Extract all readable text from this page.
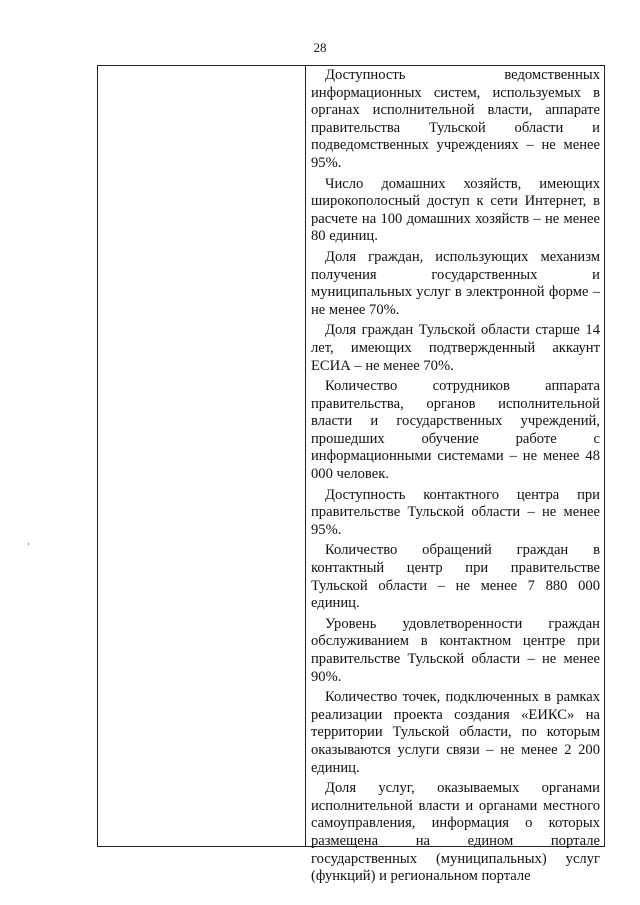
28

Доступность ведомственных информационных систем, используемых в органах исполнительной власти, аппарате правительства Тульской области и подведомственных учреждениях – не менее 95%.

Число домашних хозяйств, имеющих широкополосный доступ к сети Интернет, в расчете на 100 домашних хозяйств – не менее 80 единиц.

Доля граждан, использующих механизм получения государственных и муниципальных услуг в электронной форме – не менее 70%.

Доля граждан Тульской области старше 14 лет, имеющих подтвержденный аккаунт ЕСИА – не менее 70%.

Количество сотрудников аппарата правительства, органов исполнительной власти и государственных учреждений, прошедших обучение работе с информационными системами – не менее 48 000 человек.

Доступность контактного центра при правительстве Тульской области – не менее 95%.

Количество обращений граждан в контактный центр при правительстве Тульской области – не менее 7 880 000 единиц.

Уровень удовлетворенности граждан обслуживанием в контактном центре при правительстве Тульской области – не менее 90%.

Количество точек, подключенных в рамках реализации проекта создания «ЕИКС» на территории Тульской области, по которым оказываются услуги связи – не менее 2 200 единиц.

Доля услуг, оказываемых органами исполнительной власти и органами местного самоуправления, информация о которых размещена на едином портале государственных (муниципальных) услуг (функций) и региональном портале
